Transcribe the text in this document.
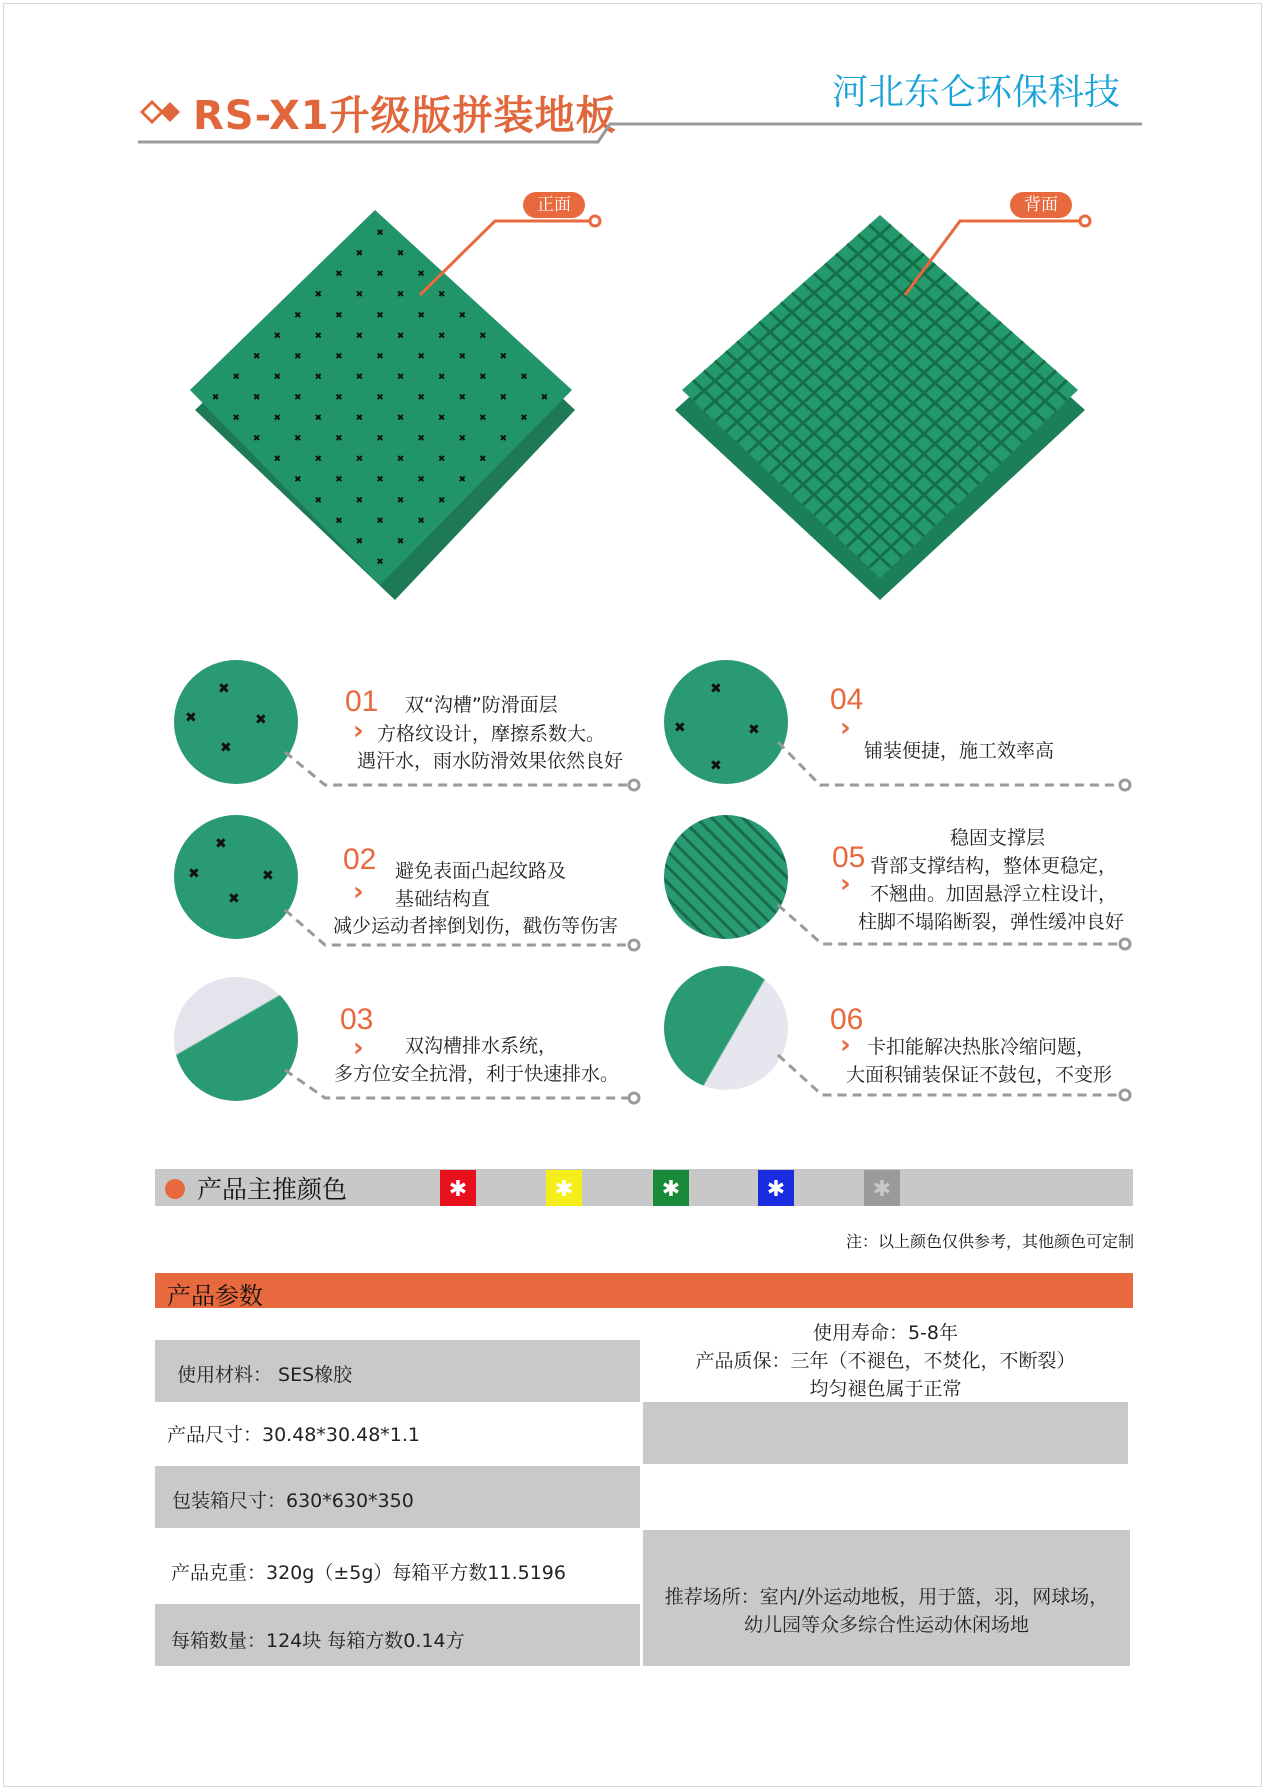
RS-X1升级版拼装地板
河北东仑环保科技
✖
✖
✖
✖
✖
✖
✖
✖
✖
✖
✖
✖
✖
✖
✖
✖
✖
✖
✖
✖
✖
✖
✖
✖
✖
✖
✖
✖
✖
✖
✖
✖
✖
✖
✖
✖
✖
✖
✖
✖
✖
✖
✖
✖
✖
✖
✖
✖
✖
✖
✖
✖
✖
✖
✖
✖
✖
✖
✖
✖
✖
✖
✖
✖
✖
✖
✖
✖
✖
✖
✖
✖
✖
✖
✖
✖
✖
✖
✖
✖
✖
正面	背面
✖
✖	✖
✖
✖
✖	✖
✖
✖
✖	✖
✖
01 双“沟槽”防滑面层
› 方格纹设计，摩擦系数大。
遇汗水，雨水防滑效果依然良好
02 避免表面凸起纹路及
› 基础结构直
减少运动者摔倒划伤，戳伤等伤害
03
› 双沟槽排水系统，
多方位安全抗滑，利于快速排水。
04
›
铺装便捷，施工效率高
05
稳固支撑层
背部支撑结构，整体更稳定，
› 不翘曲。加固悬浮立柱设计，
柱脚不塌陷断裂，弹性缓冲良好
06
› 卡扣能解决热胀冷缩问题，
大面积铺装保证不鼓包，不变形
产品主推颜色	✱	✱	✱	✱	✱
注：以上颜色仅供参考，其他颜色可定制
产品参数
使用材料： SES橡胶
产品尺寸：30.48*30.48*1.1
包装箱尺寸：630*630*350
产品克重：320g（±5g）每箱平方数11.5196
每箱数量：124块 每箱方数0.14方
使用寿命：5-8年
产品质保：三年（不褪色，不焚化，不断裂）
均匀褪色属于正常
推荐场所：室内/外运动地板，用于篮，羽，网球场，
幼儿园等众多综合性运动休闲场地
